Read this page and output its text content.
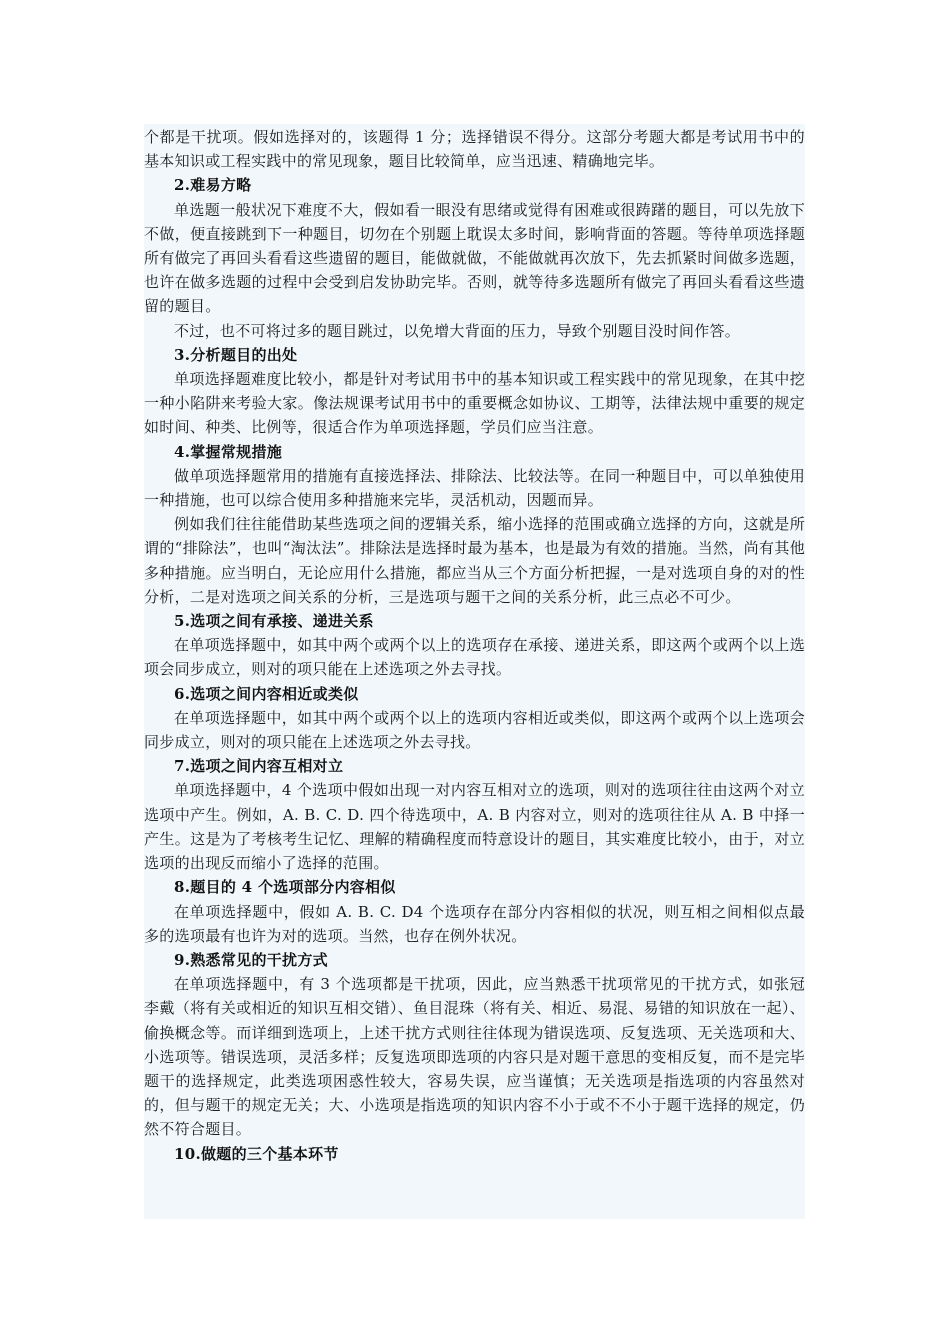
个都是干扰项。假如选择对的，该题得 1 分；选择错误不得分。这部分考题大都是考试用书中的基本知识或工程实践中的常见现象，题目比较简单，应当迅速、精确地完毕。

2.难易方略

单选题一般状况下难度不大，假如看一眼没有思绪或觉得有困难或很踌躇的题目，可以先放下不做，便直接跳到下一种题目，切勿在个别题上耽误太多时间，影响背面的答题。等待单项选择题所有做完了再回头看看这些遗留的题目，能做就做，不能做就再次放下，先去抓紧时间做多选题，也许在做多选题的过程中会受到启发协助完毕。否则，就等待多选题所有做完了再回头看看这些遗留的题目。

不过，也不可将过多的题目跳过，以免增大背面的压力，导致个别题目没时间作答。

3.分析题目的出处

单项选择题难度比较小，都是针对考试用书中的基本知识或工程实践中的常见现象，在其中挖一种小陷阱来考验大家。像法规课考试用书中的重要概念如协议、工期等，法律法规中重要的规定如时间、种类、比例等，很适合作为单项选择题，学员们应当注意。

4.掌握常规措施

做单项选择题常用的措施有直接选择法、排除法、比较法等。在同一种题目中，可以单独使用一种措施，也可以综合使用多种措施来完毕，灵活机动，因题而异。

例如我们往往能借助某些选项之间的逻辑关系，缩小选择的范围或确立选择的方向，这就是所谓的“排除法”，也叫“淘汰法”。排除法是选择时最为基本，也是最为有效的措施。当然，尚有其他多种措施。应当明白，无论应用什么措施，都应当从三个方面分析把握，一是对选项自身的对的性分析，二是对选项之间关系的分析，三是选项与题干之间的关系分析，此三点必不可少。

5.选项之间有承接、递进关系

在单项选择题中，如其中两个或两个以上的选项存在承接、递进关系，即这两个或两个以上选项会同步成立，则对的项只能在上述选项之外去寻找。

6.选项之间内容相近或类似

在单项选择题中，如其中两个或两个以上的选项内容相近或类似，即这两个或两个以上选项会同步成立，则对的项只能在上述选项之外去寻找。

7.选项之间内容互相对立

单项选择题中，4 个选项中假如出现一对内容互相对立的选项，则对的选项往往由这两个对立选项中产生。例如，A. B. C. D. 四个待选项中，A. B 内容对立，则对的选项往往从 A. B 中择一产生。这是为了考核考生记忆、理解的精确程度而特意设计的题目，其实难度比较小，由于，对立选项的出现反而缩小了选择的范围。

8.题目的 4 个选项部分内容相似

在单项选择题中，假如 A. B. C. D4 个选项存在部分内容相似的状况，则互相之间相似点最多的选项最有也许为对的选项。当然，也存在例外状况。

9.熟悉常见的干扰方式

在单项选择题中，有 3 个选项都是干扰项，因此，应当熟悉干扰项常见的干扰方式，如张冠李戴（将有关或相近的知识互相交错）、鱼目混珠（将有关、相近、易混、易错的知识放在一起）、偷换概念等。而详细到选项上，上述干扰方式则往往体现为错误选项、反复选项、无关选项和大、小选项等。错误选项，灵活多样；反复选项即选项的内容只是对题干意思的变相反复，而不是完毕题干的选择规定，此类选项困惑性较大，容易失误，应当谨慎；无关选项是指选项的内容虽然对的，但与题干的规定无关；大、小选项是指选项的知识内容不小于或不不小于题干选择的规定，仍然不符合题目。

10.做题的三个基本环节
